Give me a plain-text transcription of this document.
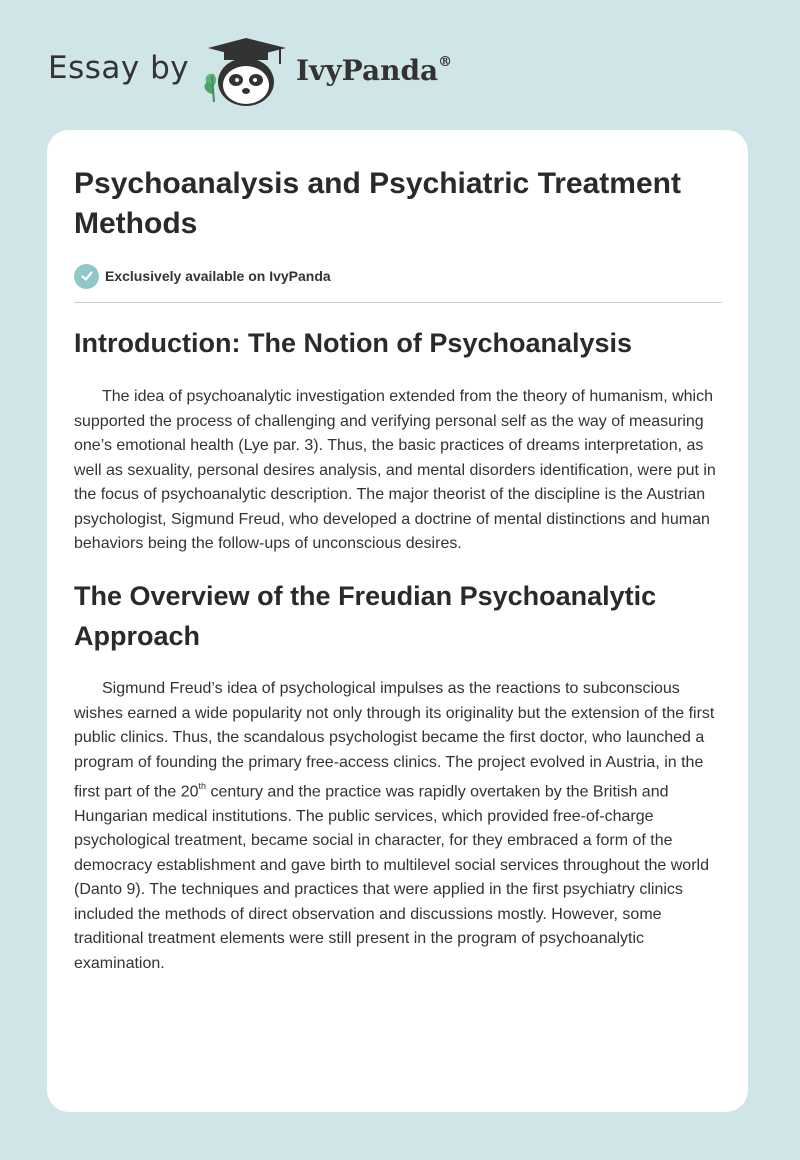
Essay by	IvyPanda®
Psychoanalysis and Psychiatric Treatment Methods
Exclusively available on IvyPanda
Introduction: The Notion of Psychoanalysis

The idea of psychoanalytic investigation extended from the theory of humanism, which supported the process of challenging and verifying personal self as the way of measuring one’s emotional health (Lye par. 3). Thus, the basic practices of dreams interpretation, as well as sexuality, personal desires analysis, and mental disorders identification, were put in the focus of psychoanalytic description. The major theorist of the discipline is the Austrian psychologist, Sigmund Freud, who developed a doctrine of mental distinctions and human behaviors being the follow-ups of unconscious desires.

The Overview of the Freudian Psychoanalytic Approach

Sigmund Freud’s idea of psychological impulses as the reactions to subconscious wishes earned a wide popularity not only through its originality but the extension of the first public clinics. Thus, the scandalous psychologist became the first doctor, who launched a program of founding the primary free-access clinics. The project evolved in Austria, in the first part of the 20th century and the practice was rapidly overtaken by the British and Hungarian medical institutions. The public services, which provided free-of-charge psychological treatment, became social in character, for they embraced a form of the democracy establishment and gave birth to multilevel social services throughout the world (Danto 9). The techniques and practices that were applied in the first psychiatry clinics included the methods of direct observation and discussions mostly. However, some traditional treatment elements were still present in the program of psychoanalytic examination.
